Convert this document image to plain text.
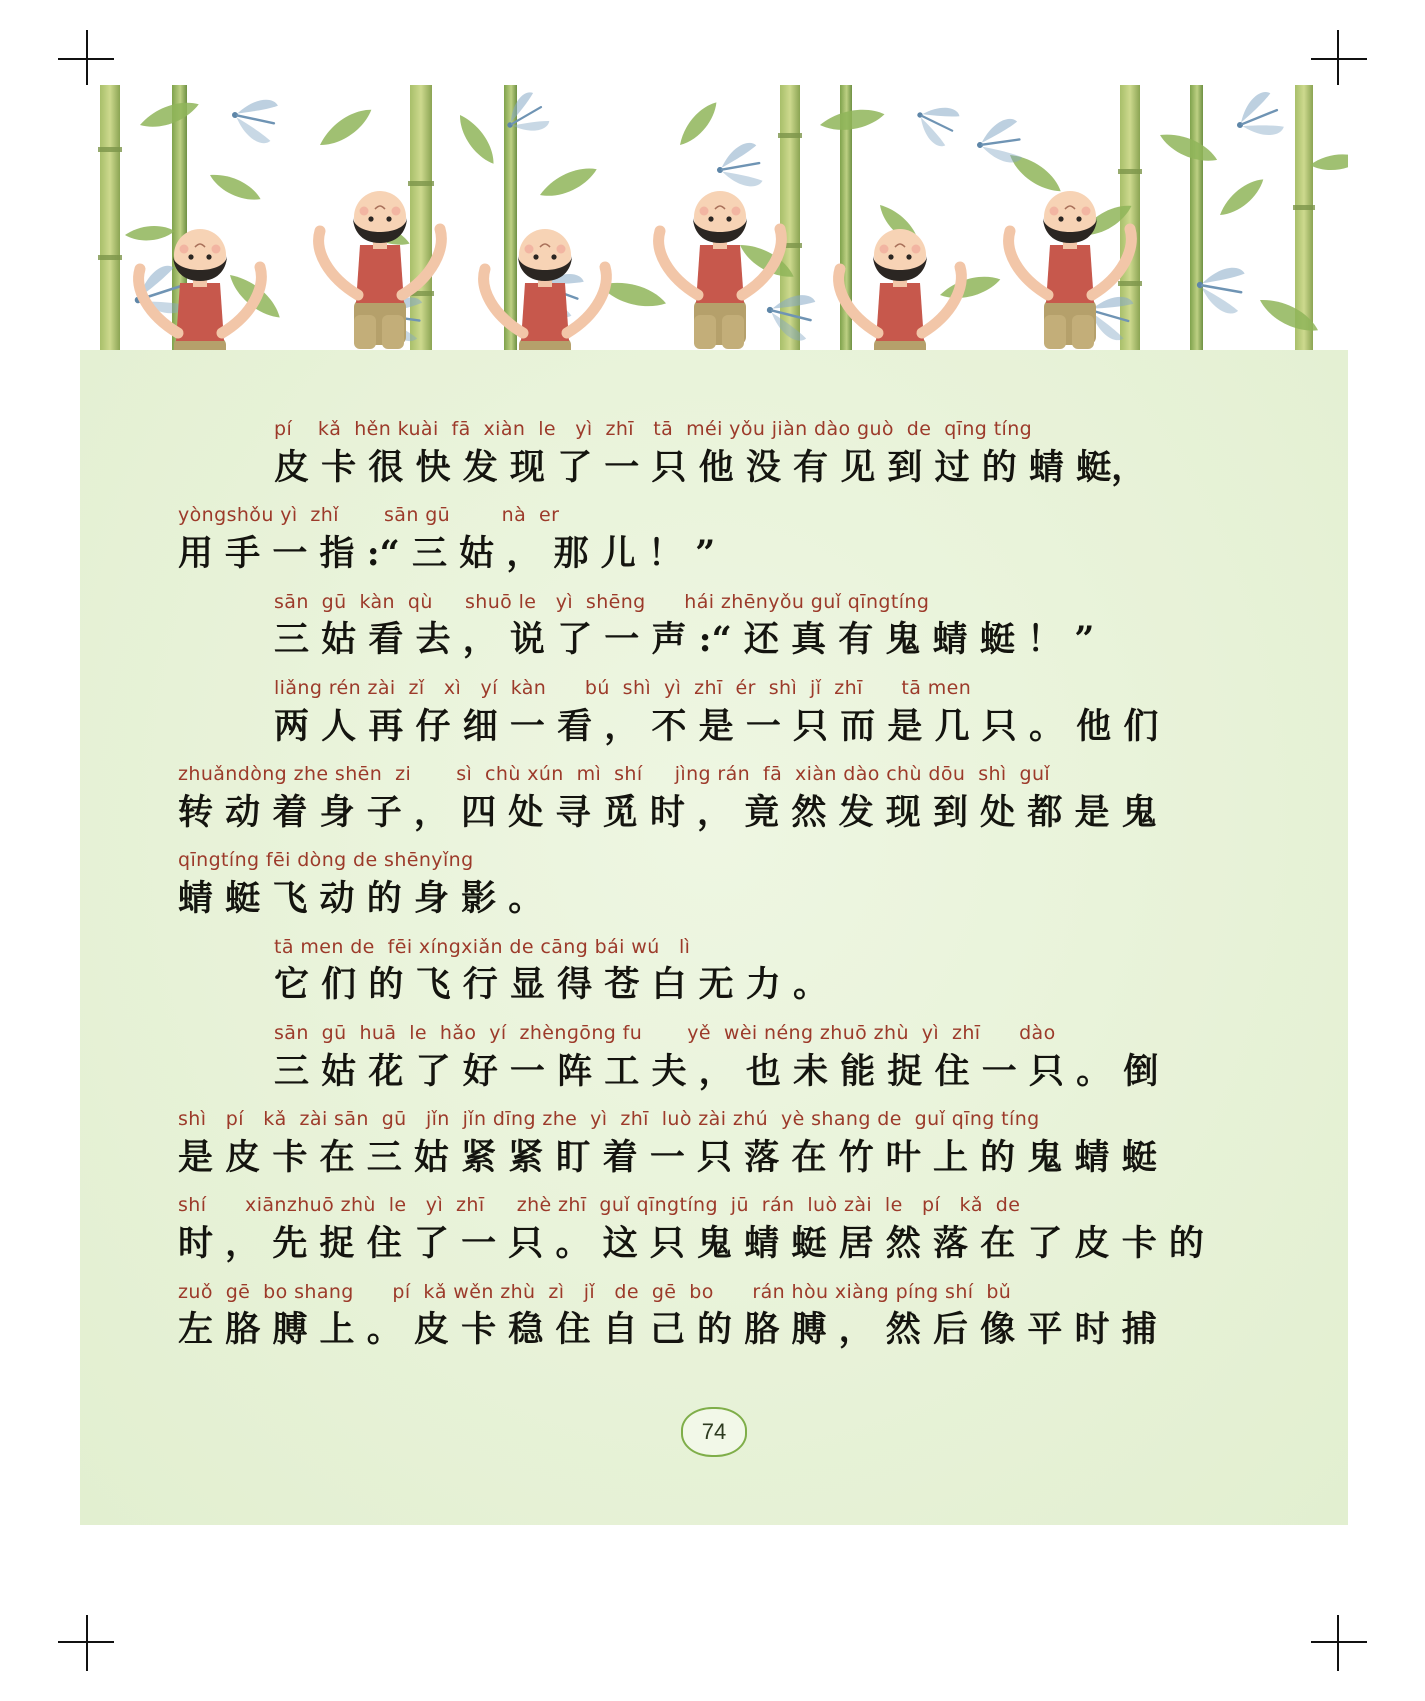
pí    kǎ  hěn kuài  fā  xiàn  le   yì  zhī   tā  méi yǒu jiàn dào guò  de  qīng tíng
皮 卡 很 快 发 现 了 一 只 他 没 有 见 到 过 的 蜻 蜓，
yòngshǒu yì  zhǐ       sān gū        nà  er
用 手 一 指 :“ 三 姑 ， 那 儿 ！ ”
sān  gū  kàn  qù     shuō le   yì  shēng      hái zhēnyǒu guǐ qīngtíng
三 姑 看 去 ， 说 了 一 声 :“ 还 真 有 鬼 蜻 蜓 ！ ”
liǎng rén zài  zǐ   xì   yí  kàn      bú  shì  yì  zhī  ér  shì  jǐ  zhī      tā men
两 人 再 仔 细 一 看 ， 不 是 一 只 而 是 几 只 。 他 们
zhuǎndòng zhe shēn  zi       sì  chù xún  mì  shí     jìng rán  fā  xiàn dào chù dōu  shì  guǐ
转 动 着 身 子 ， 四 处 寻 觅 时 ， 竟 然 发 现 到 处 都 是 鬼
qīngtíng fēi dòng de shēnyǐng
蜻 蜓 飞 动 的 身 影 。
tā men de  fēi xíngxiǎn de cāng bái wú   lì
它 们 的 飞 行 显 得 苍 白 无 力 。
sān  gū  huā  le  hǎo  yí  zhènɡōng fu       yě  wèi néng zhuō zhù  yì  zhī      dào
三 姑 花 了 好 一 阵 工 夫 ， 也 未 能 捉 住 一 只 。 倒
shì   pí   kǎ  zài sān  gū   jǐn  jǐn dīng zhe  yì  zhī  luò zài zhú  yè shang de  guǐ qīng tíng
是 皮 卡 在 三 姑 紧 紧 盯 着 一 只 落 在 竹 叶 上 的 鬼 蜻 蜓
shí      xiānzhuō zhù  le   yì  zhī     zhè zhī  guǐ qīngtíng  jū  rán  luò zài  le   pí   kǎ  de
时 ， 先 捉 住 了 一 只 。 这 只 鬼 蜻 蜓 居 然 落 在 了 皮 卡 的
zuǒ  gē  bo shang      pí  kǎ wěn zhù  zì   jǐ   de  gē  bo      rán hòu xiàng píng shí  bǔ
左 胳 膊 上 。 皮 卡 稳 住 自 己 的 胳 膊 ， 然 后 像 平 时 捕
74
